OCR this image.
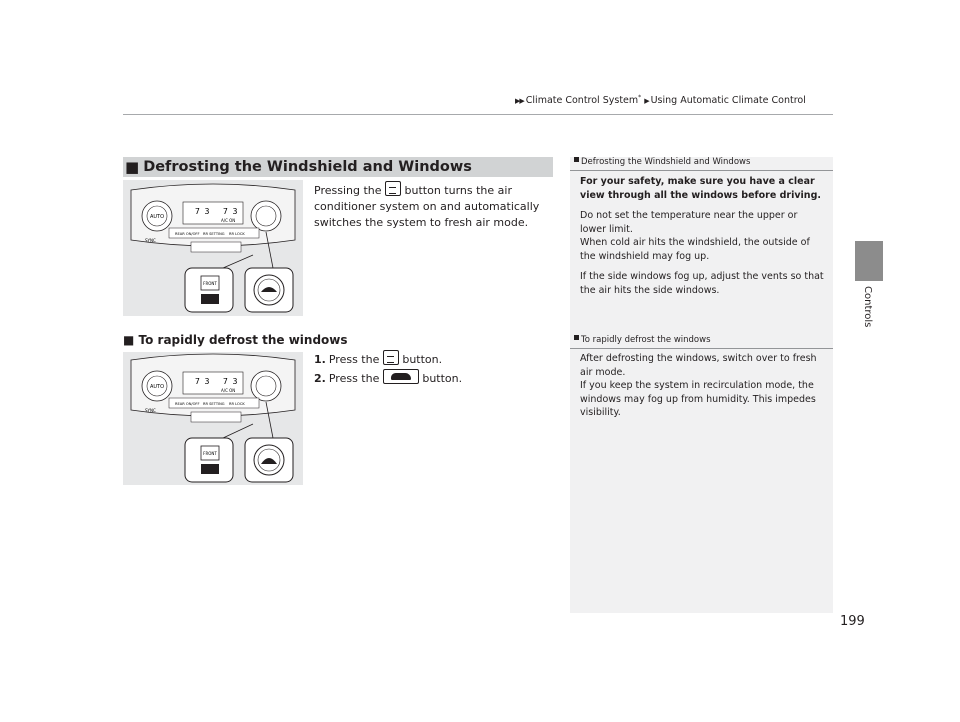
▶▶ Climate Control System* ▶ Using Automatic Climate Control
Controls
■ Defrosting the Windshield and Windows
AUTO
7 3 7 3
A/C ON
REAR ON/OFF RR SETTING RR LOCK
SYNC
FRONT
Pressing the button turns the air conditioner system on and automatically switches the system to fresh air mode.
■ To rapidly defrost the windows
1. Press the button.
2. Press the	button.
AUTO
7 3 7 3
A/C ON
REAR ON/OFF RR SETTING RR LOCK
SYNC
FRONT
Defrosting the Windshield and Windows

For your safety, make sure you have a clear view through all the windows before driving.

Do not set the temperature near the upper or lower limit.

When cold air hits the windshield, the outside of the windshield may fog up.

If the side windows fog up, adjust the vents so that the air hits the side windows.

To rapidly defrost the windows

After defrosting the windows, switch over to fresh air mode.

If you keep the system in recirculation mode, the windows may fog up from humidity. This impedes visibility.

199
